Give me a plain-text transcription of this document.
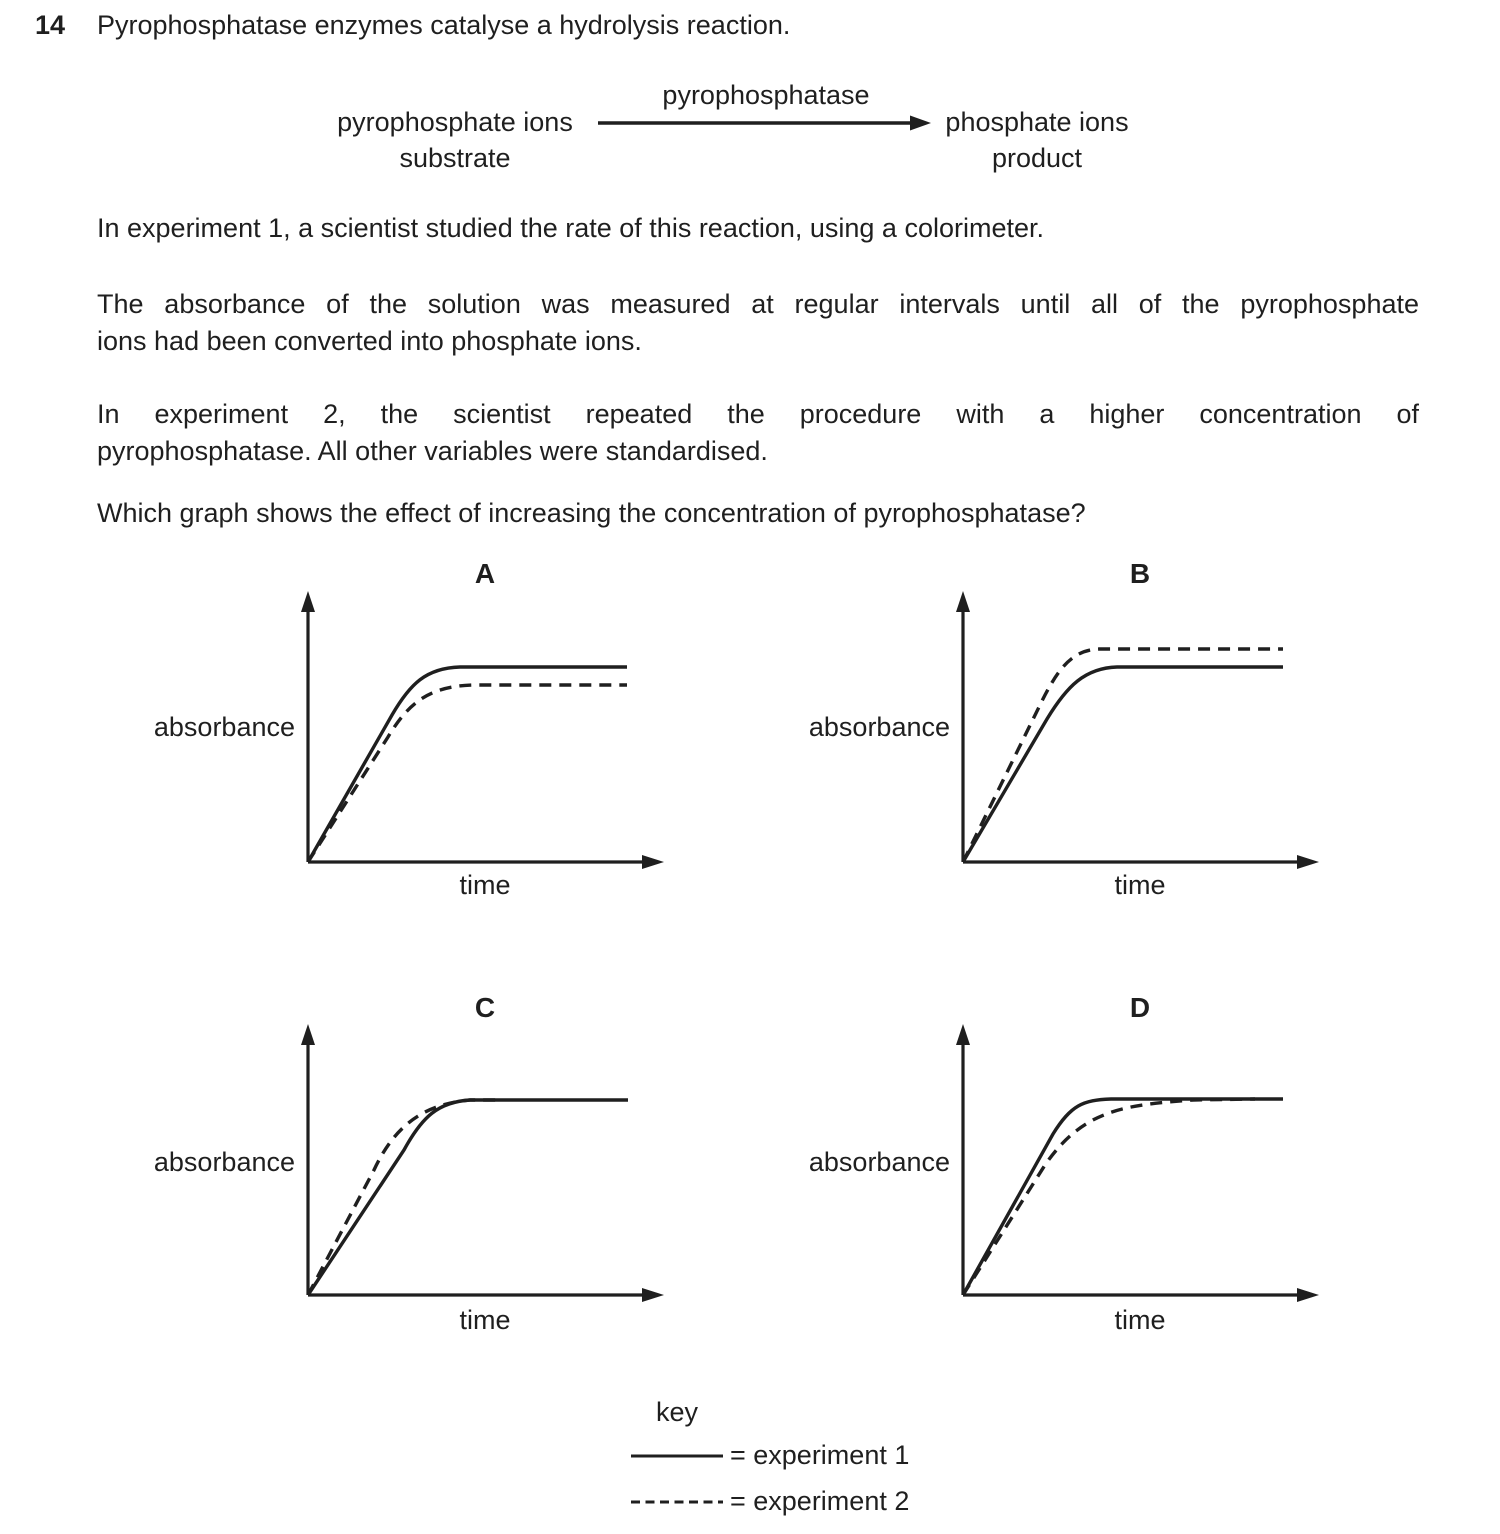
14 Pyrophosphatase enzymes catalyse a hydrolysis reaction.
pyrophosphatase
pyrophosphate ions
substrate
phosphate ions
product
In experiment 1, a scientist studied the rate of this reaction, using a colorimeter.
The absorbance of the solution was measured at regular intervals until all of the pyrophosphate
ions had been converted into phosphate ions.
In experiment 2, the scientist repeated the procedure with a higher concentration of
pyrophosphatase. All other variables were standardised.
Which graph shows the effect of increasing the concentration of pyrophosphatase?
A
absorbance
time
B
absorbance
time
C
absorbance
time
D
absorbance
time
key
= experiment 1
= experiment 2
